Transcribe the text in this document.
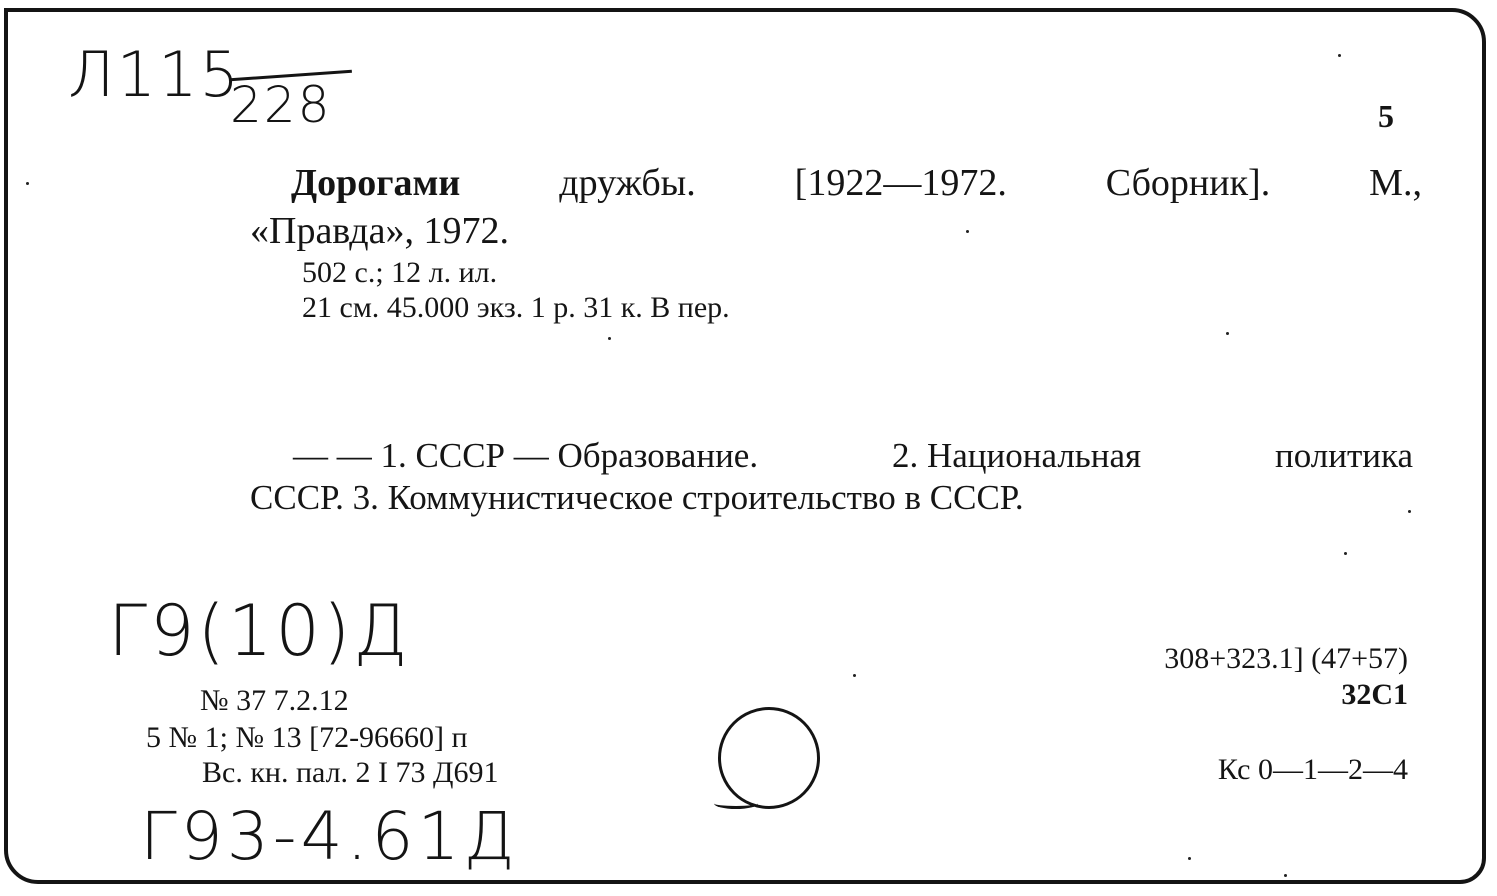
Л115
228	5
Дорогами	дружбы.	[1922—1972.	Сборник].	М.,
«Правда», 1972.
502 с.; 12 л. ил.
21 см. 45.000 экз. 1 р. 31 к. В пер.
— — 1. СССР — Образование.	2. Национальная	политика
СССР. 3. Коммунистическое строительство в СССР.
Г9(10)Д
№ 37 7.2.12
5 № 1; № 13 [72-96660] п
Вс. кн. пал. 2 I 73 Д691
308+323.1] (47+57)
32С1
Кс 0—1—2—4
Г93-4.61Д
